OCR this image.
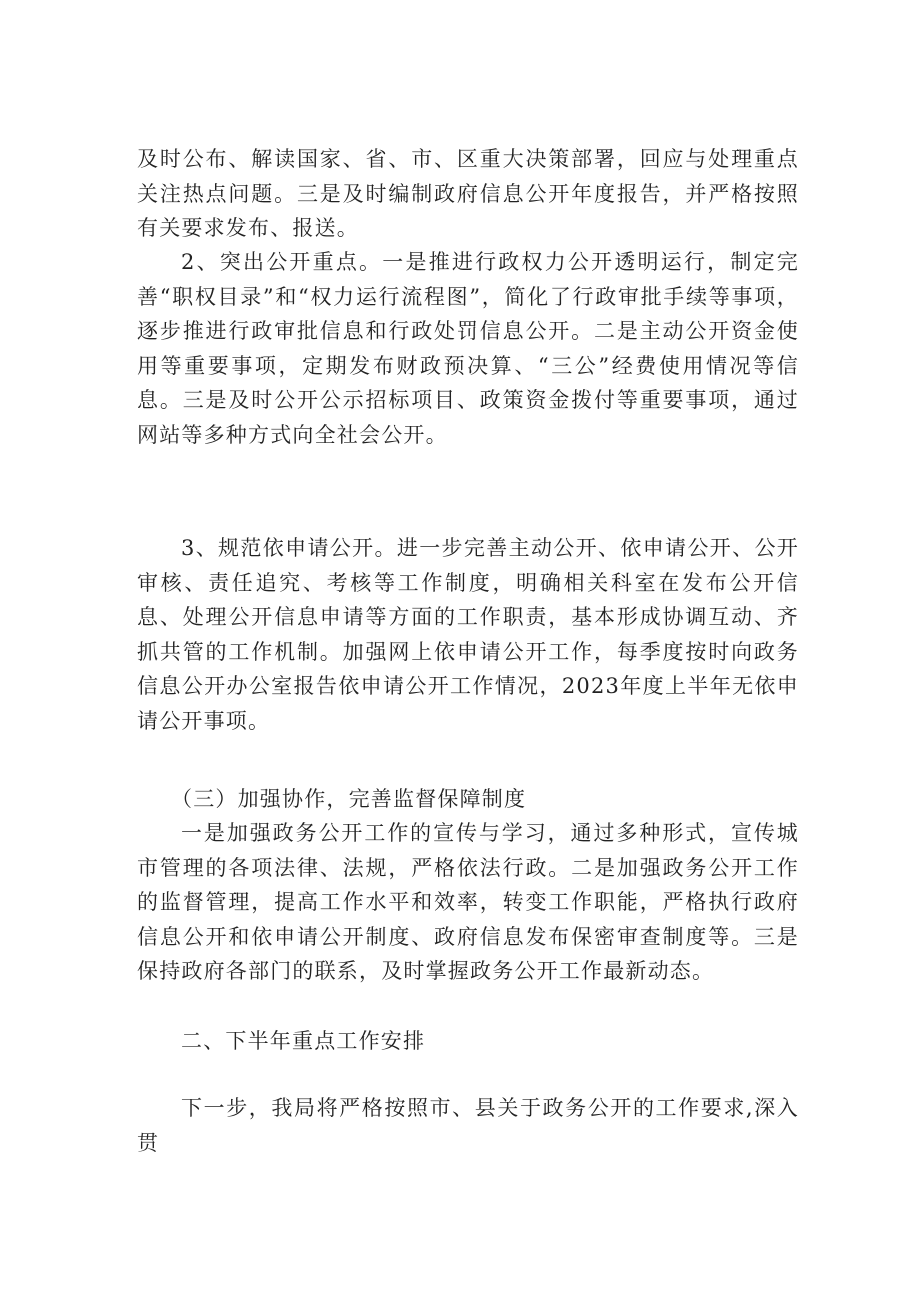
及时公布、解读国家、省、市、区重大决策部署，回应与处理重点关注热点问题。三是及时编制政府信息公开年度报告，并严格按照有关要求发布、报送。

2、突出公开重点。一是推进行政权力公开透明运行，制定完善“职权目录”和“权力运行流程图”，简化了行政审批手续等事项，逐步推进行政审批信息和行政处罚信息公开。二是主动公开资金使用等重要事项，定期发布财政预决算、“三公”经费使用情况等信息。三是及时公开公示招标项目、政策资金拨付等重要事项，通过网站等多种方式向全社会公开。

3、规范依申请公开。进一步完善主动公开、依申请公开、公开审核、责任追究、考核等工作制度，明确相关科室在发布公开信息、处理公开信息申请等方面的工作职责，基本形成协调互动、齐抓共管的工作机制。加强网上依申请公开工作，每季度按时向政务信息公开办公室报告依申请公开工作情况，2023年度上半年无依申请公开事项。

（三）加强协作，完善监督保障制度

一是加强政务公开工作的宣传与学习，通过多种形式，宣传城市管理的各项法律、法规，严格依法行政。二是加强政务公开工作的监督管理，提高工作水平和效率，转变工作职能，严格执行政府信息公开和依申请公开制度、政府信息发布保密审查制度等。三是保持政府各部门的联系，及时掌握政务公开工作最新动态。

二、下半年重点工作安排

下一步，我局将严格按照市、县关于政务公开的工作要求,深入贯
